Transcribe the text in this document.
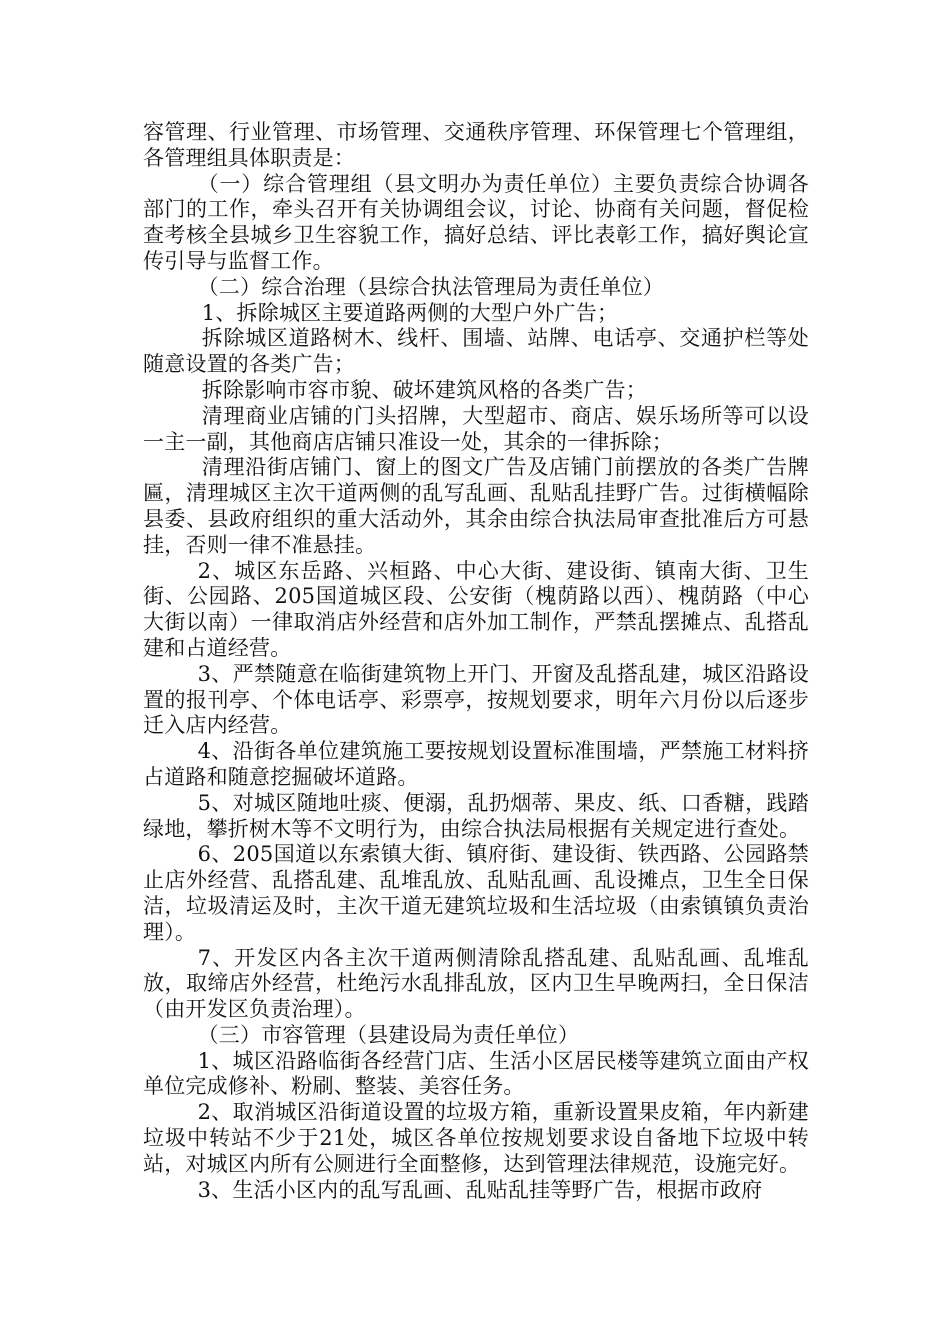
容管理、行业管理、市场管理、交通秩序管理、环保管理七个管理组，各管理组具体职责是：

（一）综合管理组（县文明办为责任单位）主要负责综合协调各部门的工作，牵头召开有关协调组会议，讨论、协商有关问题，督促检查考核全县城乡卫生容貌工作，搞好总结、评比表彰工作，搞好舆论宣传引导与监督工作。

（二）综合治理（县综合执法管理局为责任单位）

1、拆除城区主要道路两侧的大型户外广告；

拆除城区道路树木、线杆、围墙、站牌、电话亭、交通护栏等处随意设置的各类广告；

拆除影响市容市貌、破坏建筑风格的各类广告；

清理商业店铺的门头招牌，大型超市、商店、娱乐场所等可以设一主一副，其他商店店铺只准设一处，其余的一律拆除；

清理沿街店铺门、窗上的图文广告及店铺门前摆放的各类广告牌匾，清理城区主次干道两侧的乱写乱画、乱贴乱挂野广告。过街横幅除县委、县政府组织的重大活动外，其余由综合执法局审查批准后方可悬挂，否则一律不准悬挂。

2、城区东岳路、兴桓路、中心大街、建设街、镇南大街、卫生街、公园路、205国道城区段、公安街（槐荫路以西）、槐荫路（中心大街以南）一律取消店外经营和店外加工制作，严禁乱摆摊点、乱搭乱建和占道经营。

3、严禁随意在临街建筑物上开门、开窗及乱搭乱建，城区沿路设置的报刊亭、个体电话亭、彩票亭，按规划要求，明年六月份以后逐步迁入店内经营。

4、沿街各单位建筑施工要按规划设置标准围墙，严禁施工材料挤占道路和随意挖掘破坏道路。

5、对城区随地吐痰、便溺，乱扔烟蒂、果皮、纸、口香糖，践踏绿地，攀折树木等不文明行为，由综合执法局根据有关规定进行查处。

6、205国道以东索镇大街、镇府街、建设街、铁西路、公园路禁止店外经营、乱搭乱建、乱堆乱放、乱贴乱画、乱设摊点，卫生全日保洁，垃圾清运及时，主次干道无建筑垃圾和生活垃圾（由索镇镇负责治理）。

7、开发区内各主次干道两侧清除乱搭乱建、乱贴乱画、乱堆乱放，取缔店外经营，杜绝污水乱排乱放，区内卫生早晚两扫，全日保洁（由开发区负责治理）。

（三）市容管理（县建设局为责任单位）

1、城区沿路临街各经营门店、生活小区居民楼等建筑立面由产权单位完成修补、粉刷、整装、美容任务。

2、取消城区沿街道设置的垃圾方箱，重新设置果皮箱，年内新建垃圾中转站不少于21处，城区各单位按规划要求设自备地下垃圾中转站，对城区内所有公厕进行全面整修，达到管理法律规范，设施完好。

3、生活小区内的乱写乱画、乱贴乱挂等野广告，根据市政府
